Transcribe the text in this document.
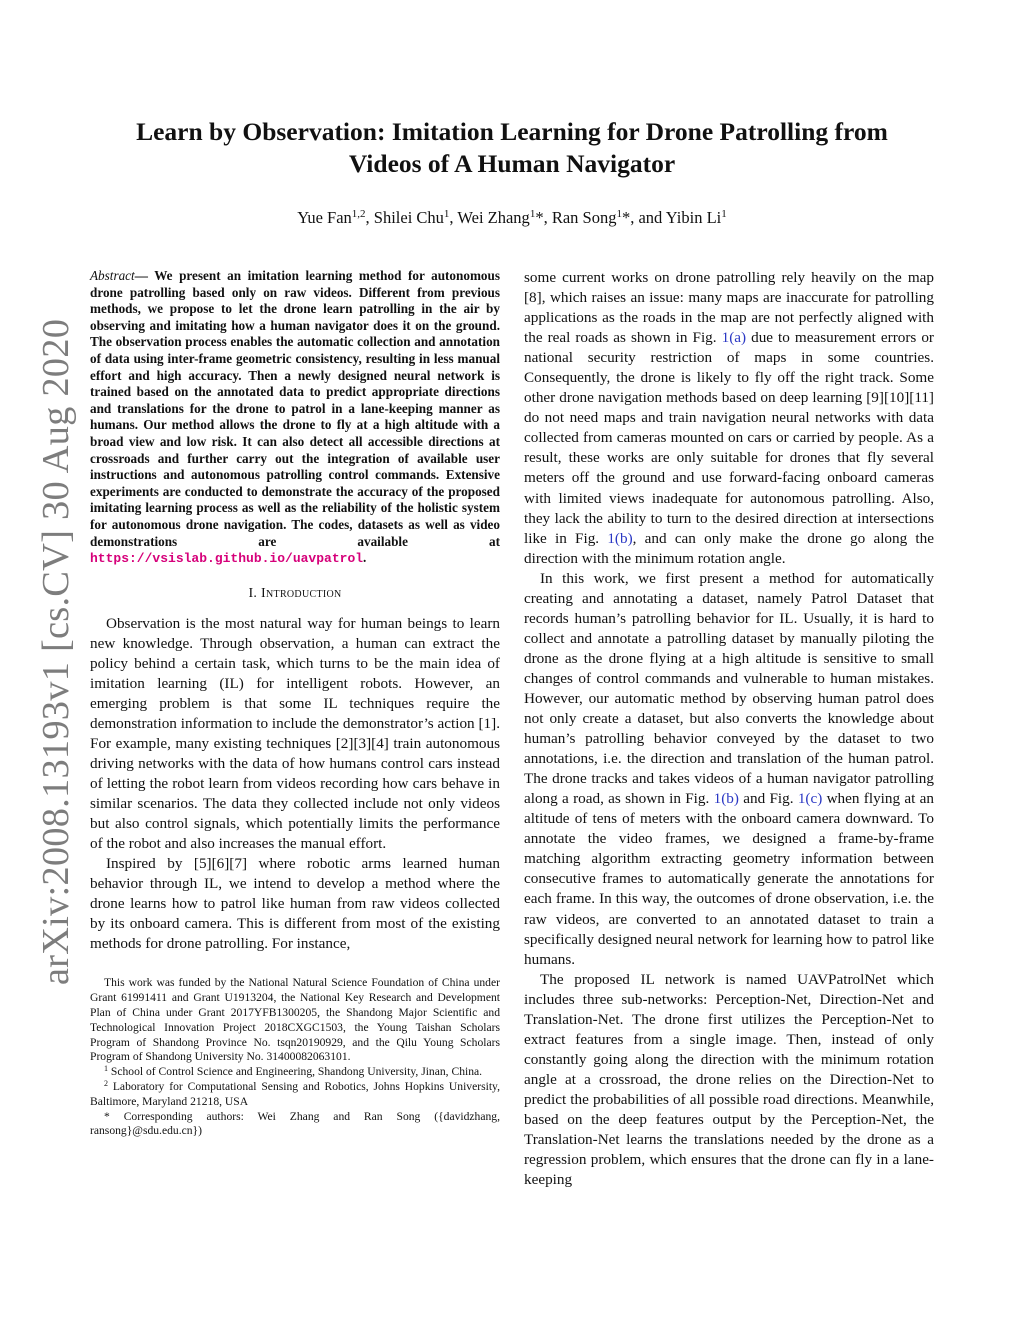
arXiv:2008.13193v1 [cs.CV] 30 Aug 2020
Learn by Observation: Imitation Learning for Drone Patrolling from
Videos of A Human Navigator
Yue Fan$^{1,2}$, Shilei Chu$^1$, Wei Zhang$^1$*, Ran Song$^1$*, and Yibin Li$^1$

Abstract— We present an imitation learning method for autonomous drone patrolling based only on raw videos. Different from previous methods, we propose to let the drone learn patrolling in the air by observing and imitating how a human navigator does it on the ground. The observation process enables the automatic collection and annotation of data using inter-frame geometric consistency, resulting in less manual effort and high accuracy. Then a newly designed neural network is trained based on the annotated data to predict appropriate directions and translations for the drone to patrol in a lane-keeping manner as humans. Our method allows the drone to fly at a high altitude with a broad view and low risk. It can also detect all accessible directions at crossroads and further carry out the integration of available user instructions and autonomous patrolling control commands. Extensive experiments are conducted to demonstrate the accuracy of the proposed imitating learning process as well as the reliability of the holistic system for autonomous drone navigation. The codes, datasets as well as video demonstrations are available at https://vsislab.github.io/uavpatrol.

I. Introduction

Observation is the most natural way for human beings to learn new knowledge. Through observation, a human can extract the policy behind a certain task, which turns to be the main idea of imitation learning (IL) for intelligent robots. However, an emerging problem is that some IL techniques require the demonstration information to include the demonstrator’s action [1]. For example, many existing techniques [2][3][4] train autonomous driving networks with the data of how humans control cars instead of letting the robot learn from videos recording how cars behave in similar scenarios. The data they collected include not only videos but also control signals, which potentially limits the performance of the robot and also increases the manual effort.

Inspired by [5][6][7] where robotic arms learned human behavior through IL, we intend to develop a method where the drone learns how to patrol like human from raw videos collected by its onboard camera. This is different from most of the existing methods for drone patrolling. For instance,

This work was funded by the National Natural Science Foundation of China under Grant 61991411 and Grant U1913204, the National Key Research and Development Plan of China under Grant 2017YFB1300205, the Shandong Major Scientific and Technological Innovation Project 2018CXGC1503, the Young Taishan Scholars Program of Shandong Province No. tsqn20190929, and the Qilu Young Scholars Program of Shandong University No. 31400082063101.

$^1$ School of Control Science and Engineering, Shandong University, Jinan, China.

$^2$ Laboratory for Computational Sensing and Robotics, Johns Hopkins University, Baltimore, Maryland 21218, USA

* Corresponding authors: Wei Zhang and Ran Song ({davidzhang, ransong}@sdu.edu.cn})

some current works on drone patrolling rely heavily on the map [8], which raises an issue: many maps are inaccurate for patrolling applications as the roads in the map are not perfectly aligned with the real roads as shown in Fig. 1(a) due to measurement errors or national security restriction of maps in some countries. Consequently, the drone is likely to fly off the right track. Some other drone navigation methods based on deep learning [9][10][11] do not need maps and train navigation neural networks with data collected from cameras mounted on cars or carried by people. As a result, these works are only suitable for drones that fly several meters off the ground and use forward-facing onboard cameras with limited views inadequate for autonomous patrolling. Also, they lack the ability to turn to the desired direction at intersections like in Fig. 1(b), and can only make the drone go along the direction with the minimum rotation angle.

In this work, we first present a method for automatically creating and annotating a dataset, namely Patrol Dataset that records human’s patrolling behavior for IL. Usually, it is hard to collect and annotate a patrolling dataset by manually piloting the drone as the drone flying at a high altitude is sensitive to small changes of control commands and vulnerable to human mistakes. However, our automatic method by observing human patrol does not only create a dataset, but also converts the knowledge about human’s patrolling behavior conveyed by the dataset to two annotations, i.e. the direction and translation of the human patrol. The drone tracks and takes videos of a human navigator patrolling along a road, as shown in Fig. 1(b) and Fig. 1(c) when flying at an altitude of tens of meters with the onboard camera downward. To annotate the video frames, we designed a frame-by-frame matching algorithm extracting geometry information between consecutive frames to automatically generate the annotations for each frame. In this way, the outcomes of drone observation, i.e. the raw videos, are converted to an annotated dataset to train a specifically designed neural network for learning how to patrol like humans.

The proposed IL network is named UAVPatrolNet which includes three sub-networks: Perception-Net, Direction-Net and Translation-Net. The drone first utilizes the Perception-Net to extract features from a single image. Then, instead of only constantly going along the direction with the minimum rotation angle at a crossroad, the drone relies on the Direction-Net to predict the probabilities of all possible road directions. Meanwhile, based on the deep features output by the Perception-Net, the Translation-Net learns the translations needed by the drone as a regression problem, which ensures that the drone can fly in a lane-keeping
